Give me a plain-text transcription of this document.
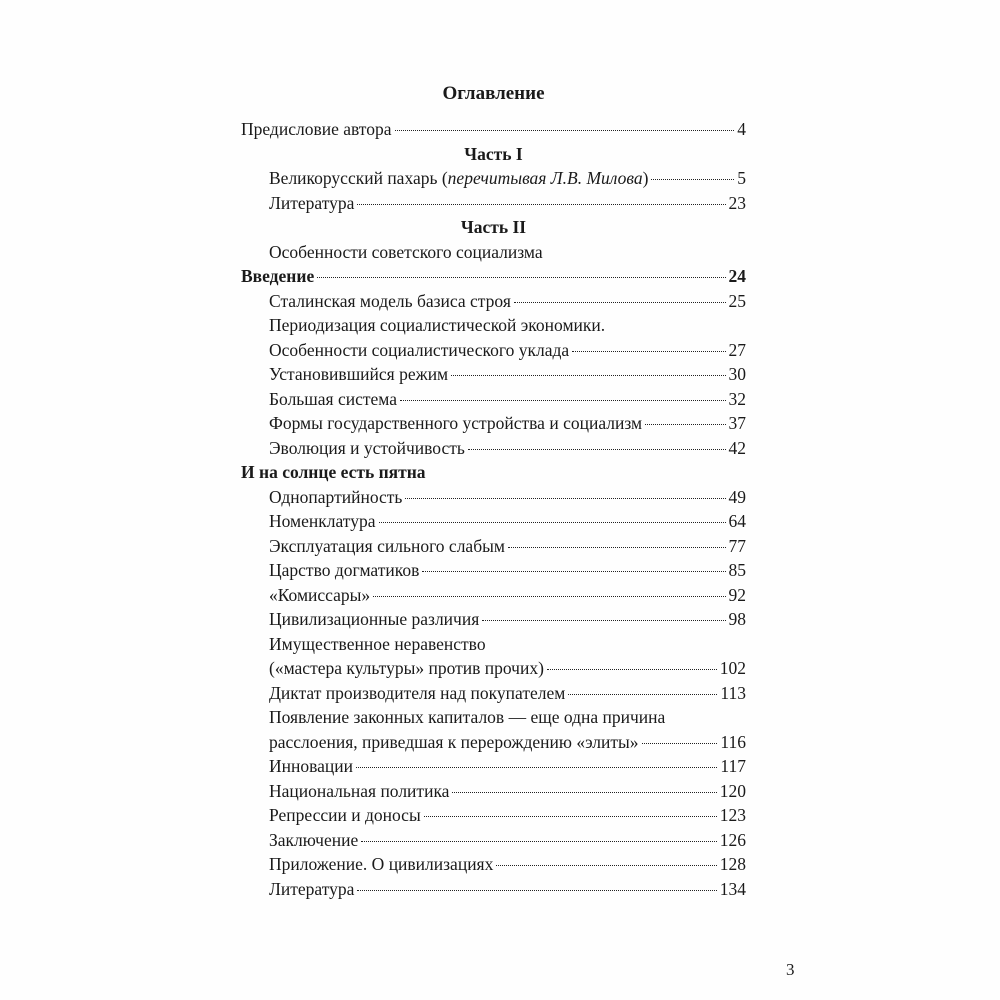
Оглавление
Предисловие автора	4
Часть I
Великорусский пахарь (перечитывая Л.В. Милова)	5
Литература	23
Часть II
Особенности советского социализма
Введение	24
Сталинская модель базиса строя	25
Периодизация социалистической экономики.
Особенности социалистического уклада	27
Установившийся режим	30
Большая система	32
Формы государственного устройства и социализм	37
Эволюция и устойчивость	42
И на солнце есть пятна
Однопартийность	49
Номенклатура	64
Эксплуатация сильного слабым	77
Царство догматиков	85
«Комиссары»	92
Цивилизационные различия	98
Имущественное неравенство
(«мастера культуры» против прочих)	102
Диктат производителя над покупателем	113
Появление законных капиталов — еще одна причина
расслоения, приведшая к перерождению «элиты»	116
Инновации	117
Национальная политика	120
Репрессии и доносы	123
Заключение	126
Приложение. О цивилизациях	128
Литература	134
3
